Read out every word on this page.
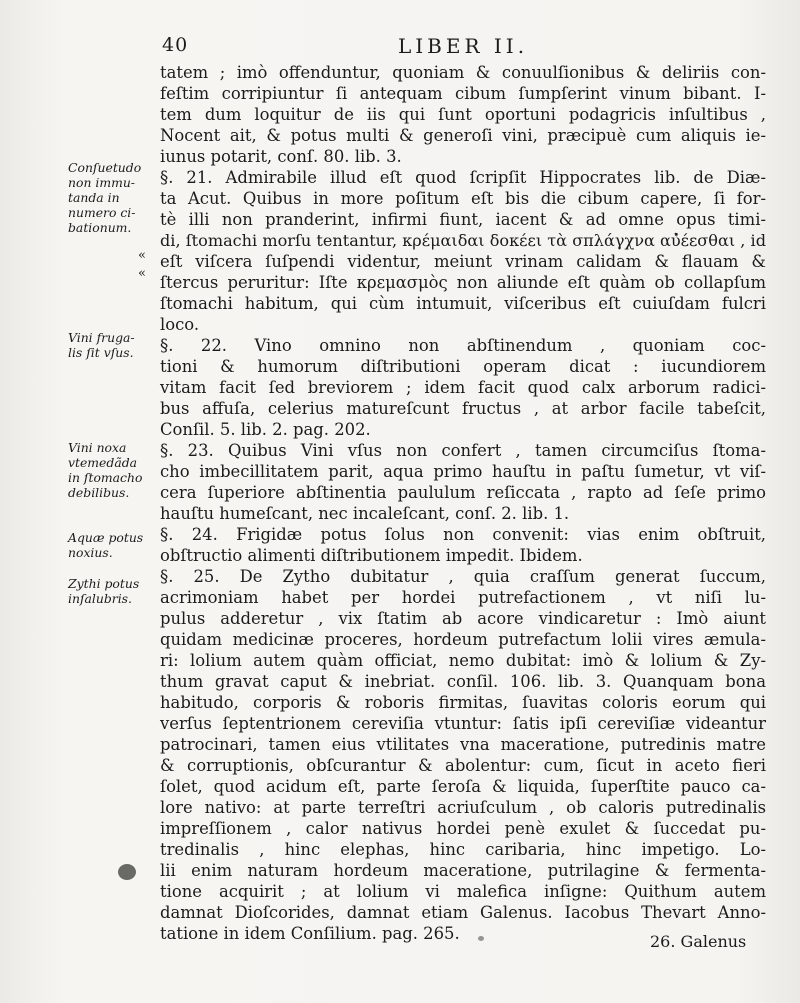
40	LIBER II.
tatem ; imò offenduntur, quoniam & conuulſionibus & deliriis con-
feſtim corripiuntur ſi antequam cibum ſumpſerint vinum bibant. I-
tem dum loquitur de iis qui ſunt oportuni podagricis inſultibus ,
Nocent ait, & potus multi & generoſi vini, præcipuè cum aliquis ie-
iunus potarit, conſ. 80. lib. 3.
§. 21. Admirabile illud eſt quod ſcripſit Hippocrates lib. de Diæ-
ta Acut. Quibus in more poſitum eſt bis die cibum capere, ſi for-
tè illi non pranderint, infirmi fiunt, iacent & ad omne opus timi-
di, ſtomachi morſu tentantur, κρέμαιδαι δοκέει τὰ σπλάγχνα αὐ̓έεσθαι , id
eſt viſcera ſuſpendi videntur, meiunt vrinam calidam & flauam &
ſtercus peruritur: Iſte κρεμασμὸς non aliunde eſt quàm ob collapſum
ſtomachi habitum, qui cùm intumuit, viſceribus eſt cuiuſdam fulcri
loco.
§. 22. Vino omnino non abſtinendum , quoniam coc-
tioni & humorum diſtributioni operam dicat : iucundiorem
vitam facit ſed breviorem ; idem facit quod calx arborum radici-
bus affuſa, celerius matureſcunt fructus , at arbor facile tabeſcit,
Conſil. 5. lib. 2. pag. 202.
§. 23. Quibus Vini vſus non confert , tamen circumciſus ſtoma-
cho imbecillitatem parit, aqua primo hauſtu in paſtu ſumetur, vt viſ-
cera ſuperiore abſtinentia paululum reſiccata , rapto ad ſeſe primo
hauſtu humeſcant, nec incaleſcant, conſ. 2. lib. 1.
§. 24. Frigidæ potus ſolus non convenit: vias enim obſtruit,
obſtructio alimenti diſtributionem impedit. Ibidem.
§. 25. De Zytho dubitatur , quia craſſum generat ſuccum,
acrimoniam habet per hordei putrefactionem , vt niſi lu-
pulus adderetur , vix ſtatim ab acore vindicaretur : Imò aiunt
quidam medicinæ proceres, hordeum putrefactum lolii vires æmula-
ri: lolium autem quàm officiat, nemo dubitat: imò & lolium & Zy-
thum gravat caput & inebriat. conſil. 106. lib. 3. Quanquam bona
habitudo, corporis & roboris firmitas, ſuavitas coloris eorum qui
verſus ſeptentrionem cereviſia vtuntur: ſatis ipſi cereviſiæ videantur
patrocinari, tamen eius vtilitates vna maceratione, putredinis matre
& corruptionis, obſcurantur & abolentur: cum, ſicut in aceto fieri
ſolet, quod acidum eſt, parte ſeroſa & liquida, ſuperſtite pauco ca-
lore nativo: at parte terreſtri acriuſculum , ob caloris putredinalis
impreſſionem , calor nativus hordei penè exulet & ſuccedat pu-
tredinalis , hinc elephas, hinc caribaria, hinc impetigo. Lo-
lii enim naturam hordeum maceratione, putrilagine & fermenta-
tione acquirit ; at lolium vi malefica inſigne: Quithum autem
damnat Dioſcorides, damnat etiam Galenus. Iacobus Thevart Anno-
tatione in idem Conſilium. pag. 265.
Conſuetudo
non immu-
tanda in
numero ci-
bationum.
«
«
Vini fruga-
lis ſit vſus.
Vini noxa
vtemedãda
in ſtomacho
debilibus.
Aquæ potus
noxius.
Zythi potus
inſalubris.
26. Galenus
